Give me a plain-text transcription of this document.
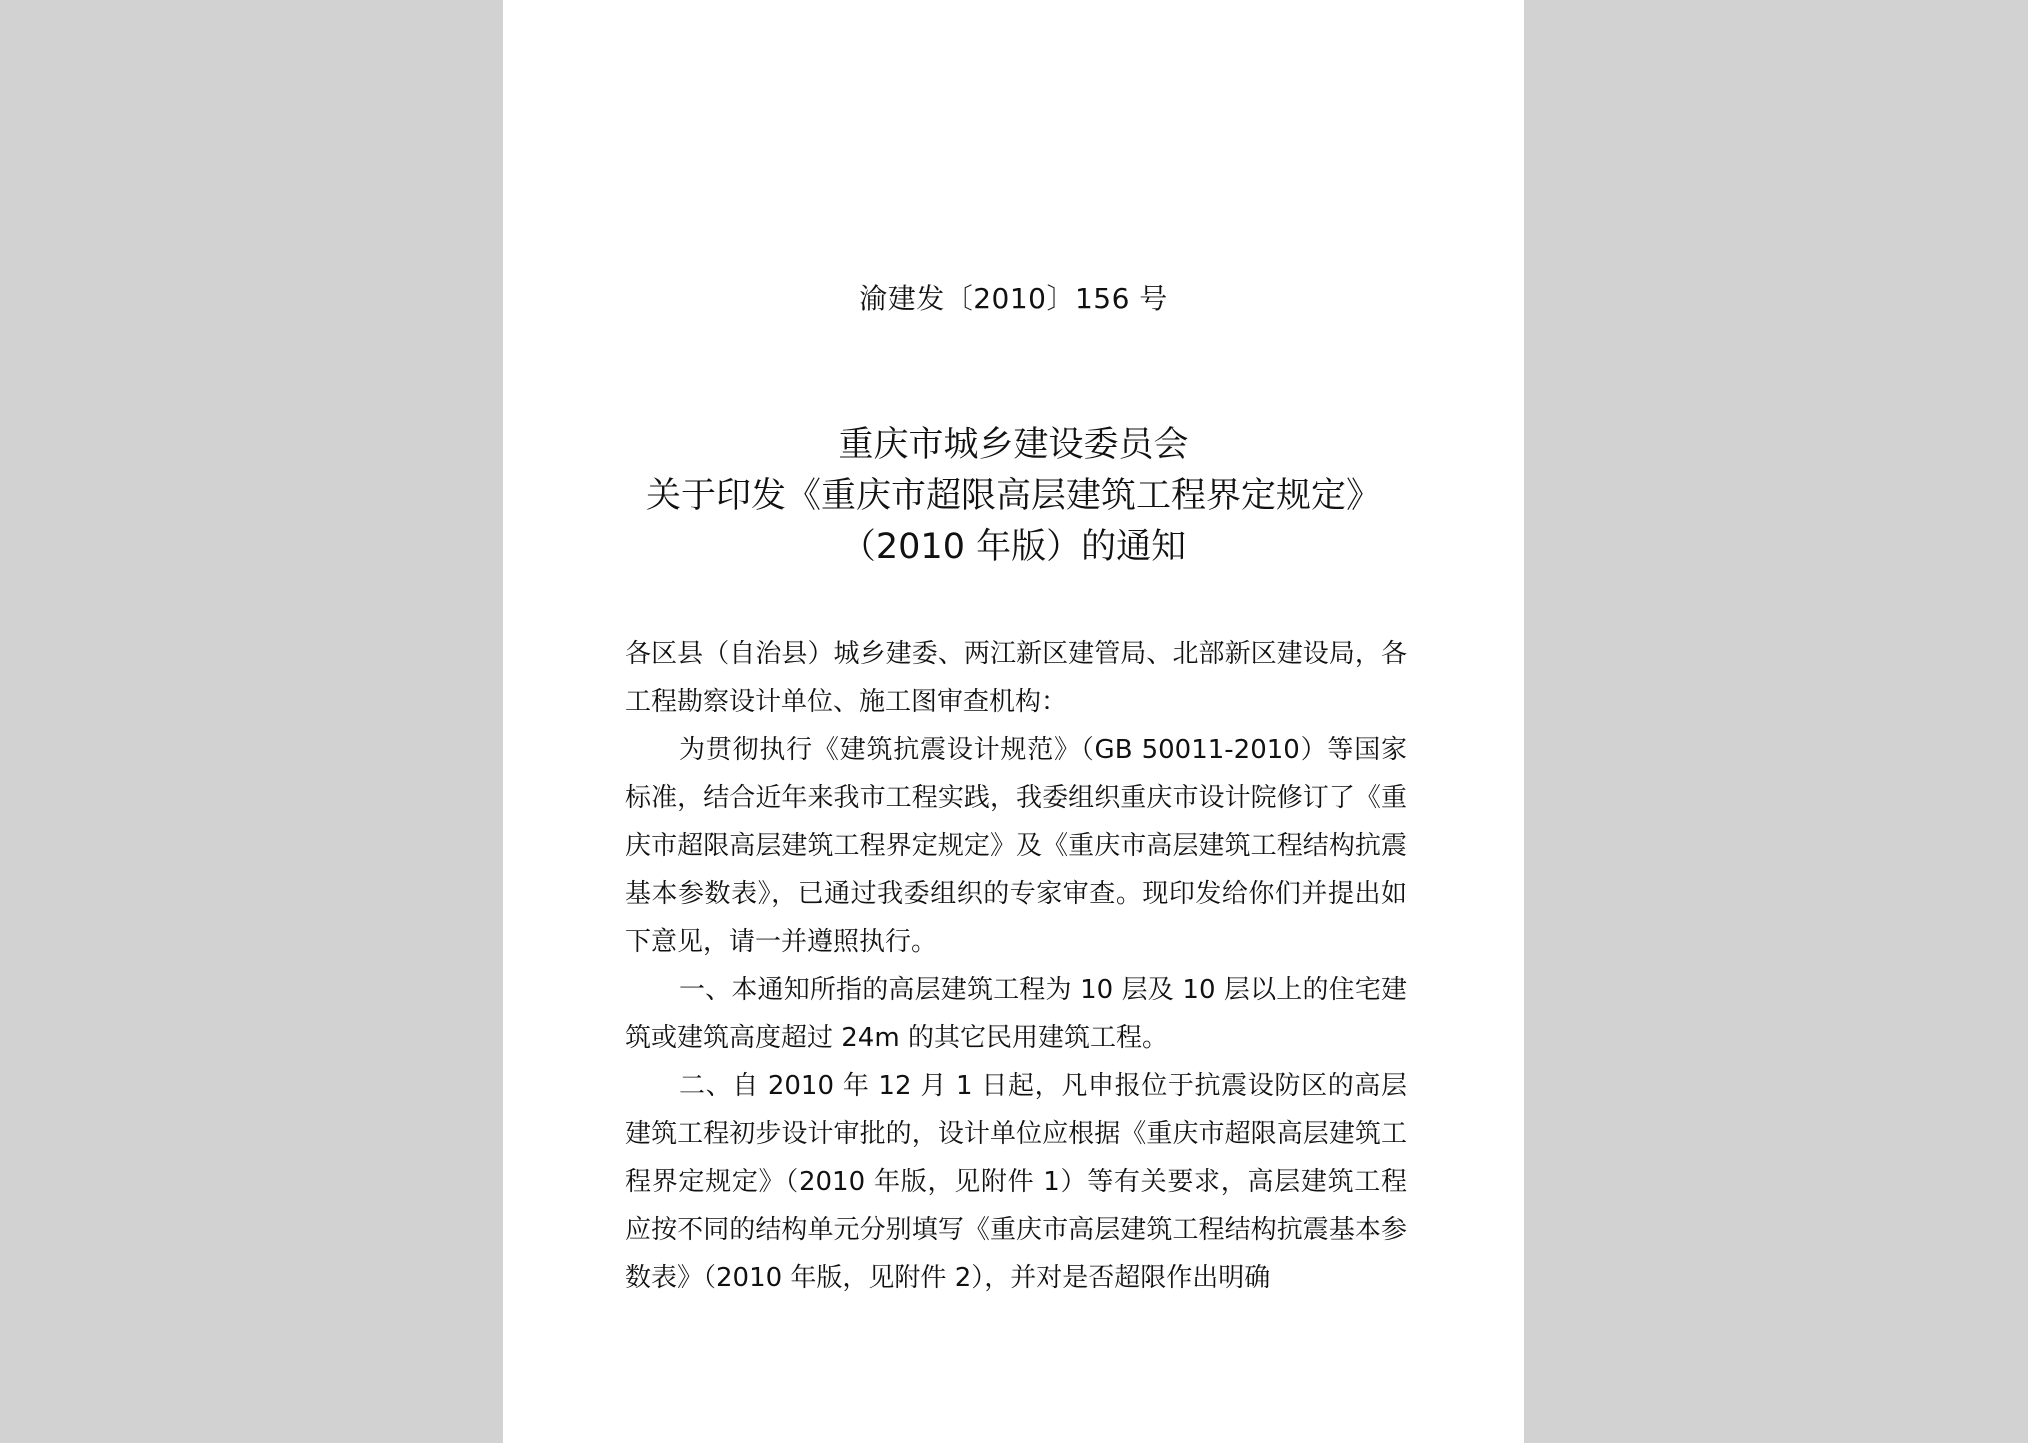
渝建发〔2010〕156 号
重庆市城乡建设委员会
关于印发《重庆市超限高层建筑工程界定规定》
（2010 年版）的通知

各区县（自治县）城乡建委、两江新区建管局、北部新区建设局，各工程勘察设计单位、施工图审查机构：

为贯彻执行《建筑抗震设计规范》（GB 50011-2010）等国家标准，结合近年来我市工程实践，我委组织重庆市设计院修订了《重庆市超限高层建筑工程界定规定》及《重庆市高层建筑工程结构抗震基本参数表》，已通过我委组织的专家审查。现印发给你们并提出如下意见，请一并遵照执行。

一、本通知所指的高层建筑工程为 10 层及 10 层以上的住宅建筑或建筑高度超过 24m 的其它民用建筑工程。

二、自 2010 年 12 月 1 日起，凡申报位于抗震设防区的高层建筑工程初步设计审批的，设计单位应根据《重庆市超限高层建筑工程界定规定》（2010 年版，见附件 1）等有关要求，高层建筑工程应按不同的结构单元分别填写《重庆市高层建筑工程结构抗震基本参数表》（2010 年版，见附件 2），并对是否超限作出明确
